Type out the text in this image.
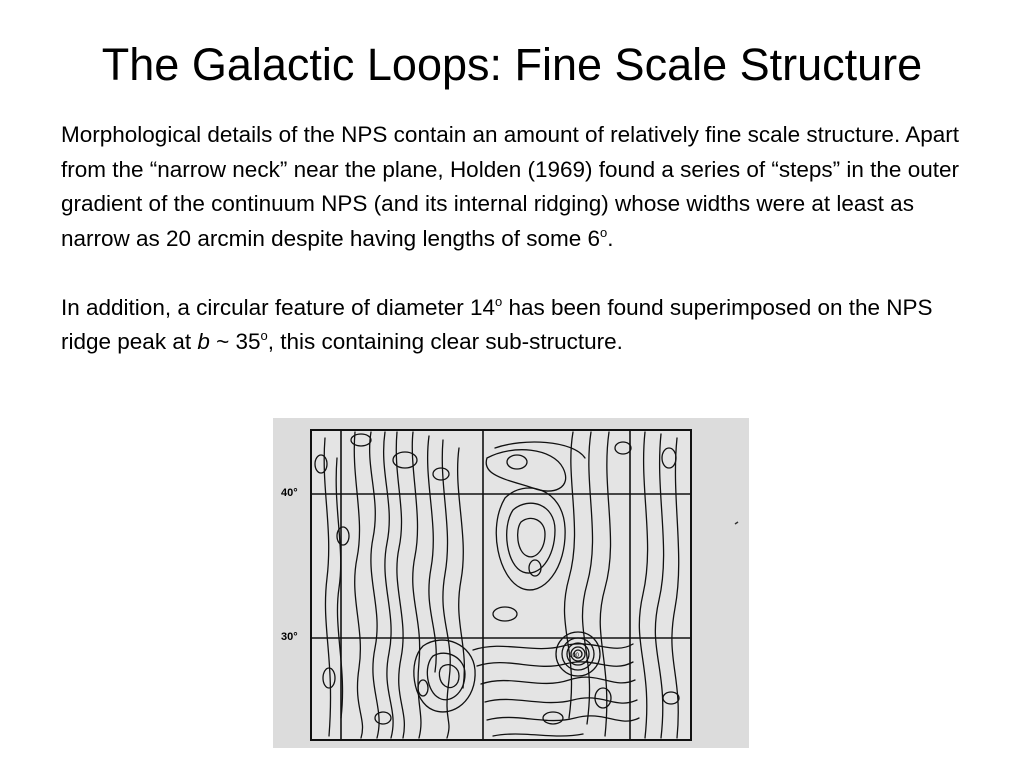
The Galactic Loops: Fine Scale Structure

Morphological details of the NPS contain an amount of relatively fine scale structure. Apart from the “narrow neck” near the plane, Holden (1969) found a series of “steps” in the outer gradient of the continuum NPS (and its internal ridging) whose widths were at least as narrow as 20 arcmin despite having lengths of some 6$^o$.

In addition, a circular feature of diameter 14$^o$ has been found superimposed on the NPS ridge peak at b ~ 35$^o$, this containing clear sub-structure.

100
40°
30°
